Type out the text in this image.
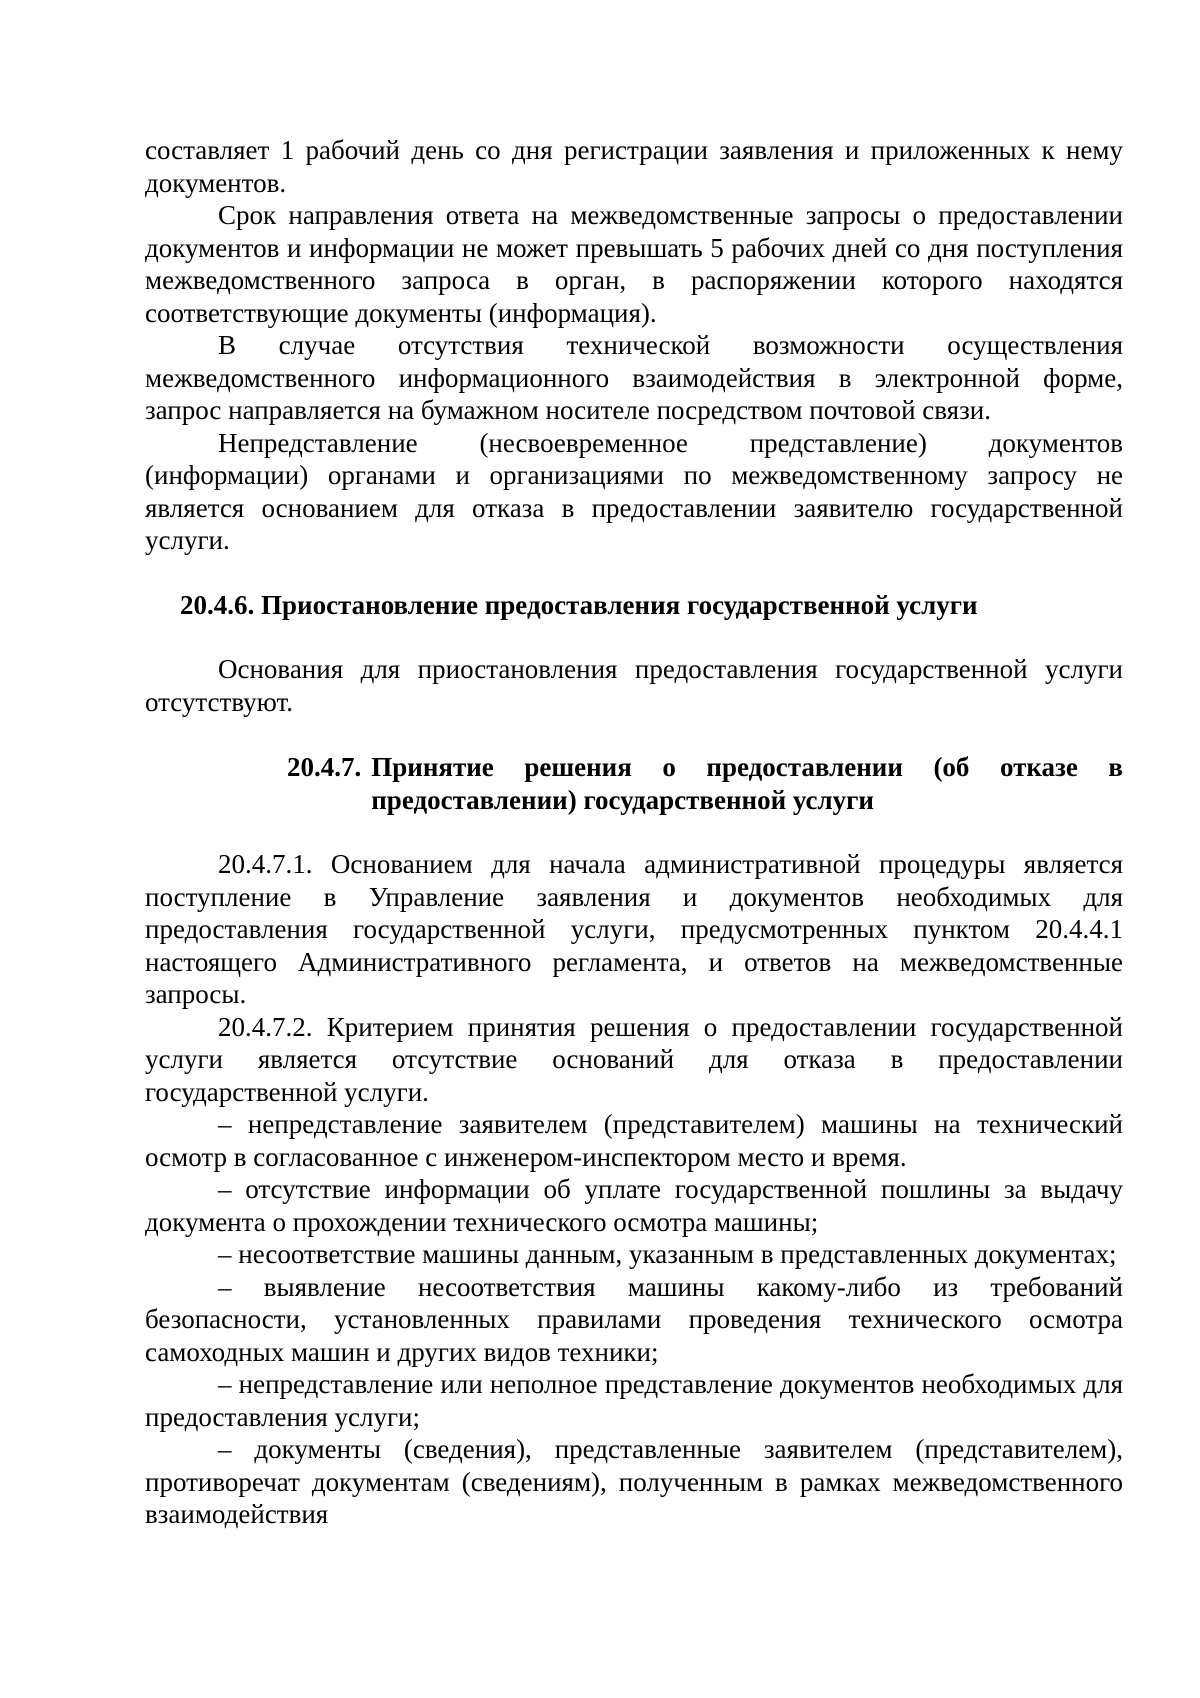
составляет 1 рабочий день со дня регистрации заявления и приложенных к нему документов.

Срок направления ответа на межведомственные запросы о предоставлении документов и информации не может превышать 5 рабочих дней со дня поступления межведомственного запроса в орган, в распоряжении которого находятся соответствующие документы (информация).

В случае отсутствия технической возможности осуществления межведомственного информационного взаимодействия в электронной форме, запрос направляется на бумажном носителе посредством почтовой связи.

Непредставление (несвоевременное представление) документов (информации) органами и организациями по межведомственному запросу не является основанием для отказа в предоставлении заявителю государственной услуги.

20.4.6. Приостановление предоставления государственной услуги

Основания для приостановления предоставления государственной услуги отсутствуют.

20.4.7. Принятие решения о предоставлении (об отказе в
предоставлении) государственной услуги

20.4.7.1. Основанием для начала административной процедуры является поступление в Управление заявления и документов необходимых для предоставления государственной услуги, предусмотренных пунктом 20.4.4.1 настоящего Административного регламента, и ответов на межведомственные запросы.

20.4.7.2. Критерием принятия решения о предоставлении государственной услуги является отсутствие оснований для отказа в предоставлении государственной услуги.

– непредставление заявителем (представителем) машины на технический осмотр в согласованное с инженером-инспектором место и время.

– отсутствие информации об уплате государственной пошлины за выдачу документа о прохождении технического осмотра машины;

– несоответствие машины данным, указанным в представленных документах;

– выявление несоответствия машины какому-либо из требований безопасности, установленных правилами проведения технического осмотра самоходных машин и других видов техники;

– непредставление или неполное представление документов необходимых для предоставления услуги;

– документы (сведения), представленные заявителем (представителем), противоречат документам (сведениям), полученным в рамках межведомственного взаимодействия
